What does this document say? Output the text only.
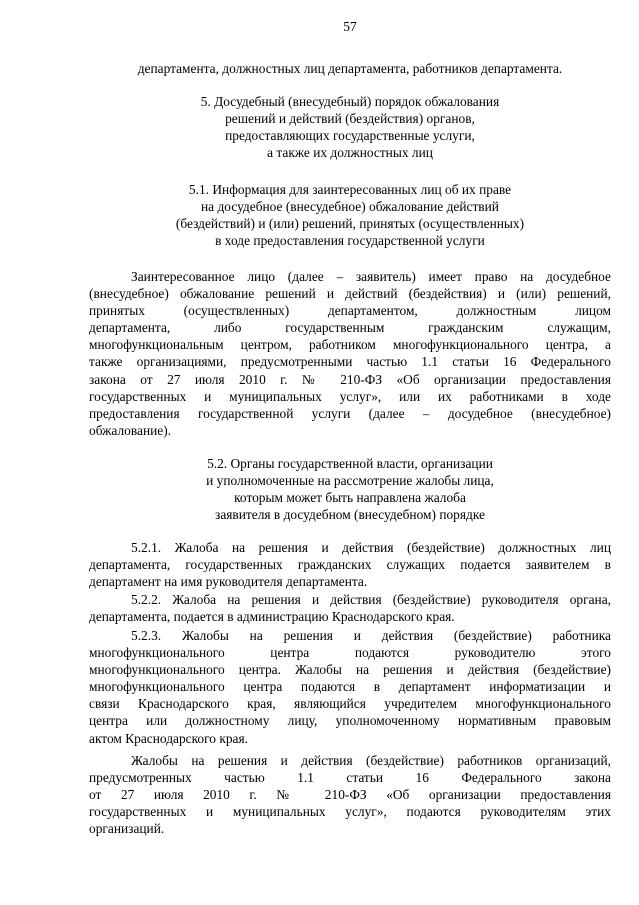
57
департамента, должностных лиц департамента, работников департамента.
5. Досудебный (внесудебный) порядок обжалования
решений и действий (бездействия) органов,
предоставляющих государственные услуги,
а также их должностных лиц
5.1. Информация для заинтересованных лиц об их праве
на досудебное (внесудебное) обжалование действий
(бездействий) и (или) решений, принятых (осуществленных)
в ходе предоставления государственной услуги
Заинтересованное лицо (далее – заявитель) имеет право на досудебное
(внесудебное) обжалование решений и действий (бездействия) и (или) решений,
принятых (осуществленных) департаментом, должностным лицом
департамента, либо государственным гражданским служащим,
многофункциональным центром, работником многофункционального центра, а
также организациями, предусмотренными частью 1.1 статьи 16 Федерального
закона от 27 июля 2010 г. № 210-ФЗ «Об организации предоставления
государственных и муниципальных услуг», или их работниками в ходе
предоставления государственной услуги (далее – досудебное (внесудебное)
обжалование).
5.2. Органы государственной власти, организации
и уполномоченные на рассмотрение жалобы лица,
которым может быть направлена жалоба
заявителя в досудебном (внесудебном) порядке
5.2.1. Жалоба на решения и действия (бездействие) должностных лиц
департамента, государственных гражданских служащих подается заявителем в
департамент на имя руководителя департамента.
5.2.2. Жалоба на решения и действия (бездействие) руководителя органа,
департамента, подается в администрацию Краснодарского края.
5.2.3. Жалобы на решения и действия (бездействие) работника
многофункционального центра подаются руководителю этого
многофункционального центра. Жалобы на решения и действия (бездействие)
многофункционального центра подаются в департамент информатизации и
связи Краснодарского края, являющийся учредителем многофункционального
центра или должностному лицу, уполномоченному нормативным правовым
актом Краснодарского края.
Жалобы на решения и действия (бездействие) работников организаций,
предусмотренных частью 1.1 статьи 16 Федерального закона
от 27 июля 2010 г. № 210-ФЗ «Об организации предоставления
государственных и муниципальных услуг», подаются руководителям этих
организаций.
